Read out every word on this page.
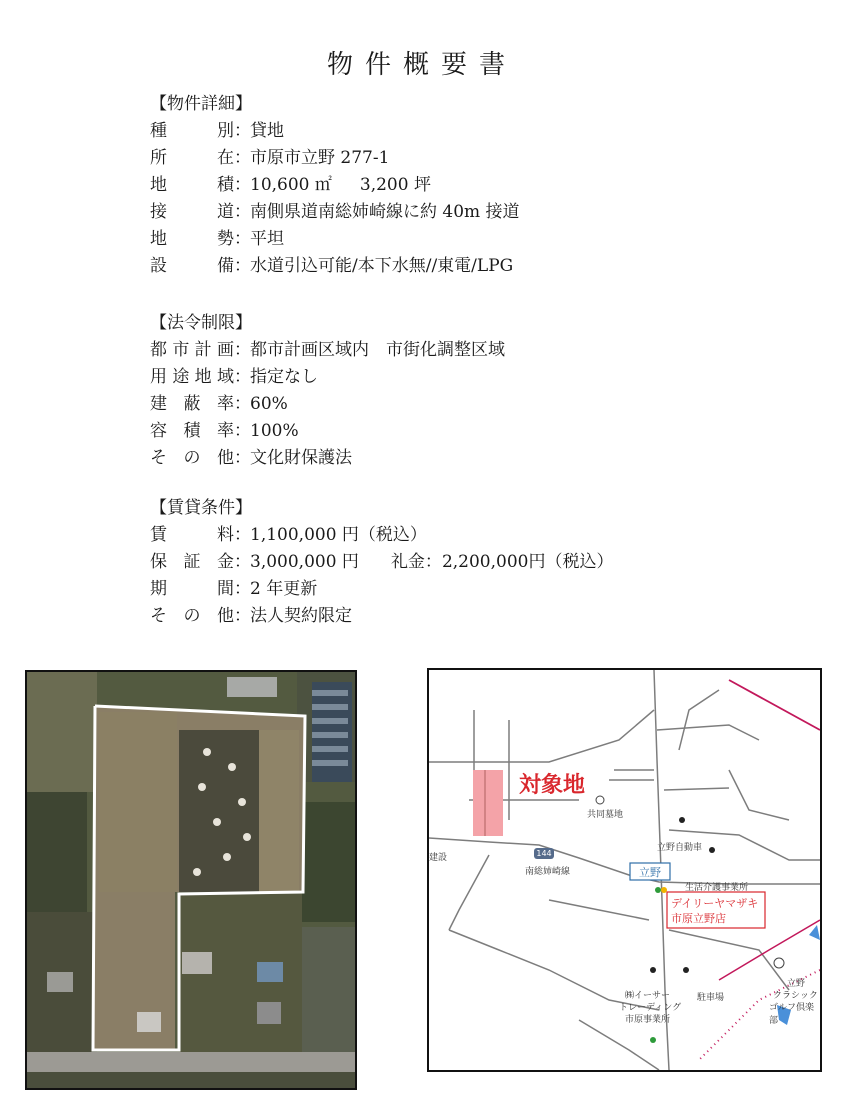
物件概要書
【物件詳細】
種別 ： 貸地
所在 ： 市原市立野 277-1
地積 ： 10,600 ㎡ 3,200 坪
接道 ： 南側県道南総姉崎線に約 40m 接道
地勢 ： 平坦
設備 ： 水道引込可能/本下水無//東電/LPG
【法令制限】
都市計画 ： 都市計画区域内　市街化調整区域
用途地域 ： 指定なし
建蔽率 ： 60%
容積率 ： 100%
その他 ： 文化財保護法
【賃貸条件】
賃料 ： 1,100,000 円（税込）
保証金 ： 3,000,000 円 礼金： 2,200,000円（税込）
期間 ： 2 年更新
その他 ： 法人契約限定
対象地
共同墓地
立野自動車
建設	144
南総姉崎線	立野
生活介護事業所
デイリーヤマザキ
市原立野店
駐車場
㈱イーサー
トレーディング
市原事業所
立野
クラシック
ゴルフ倶楽部
